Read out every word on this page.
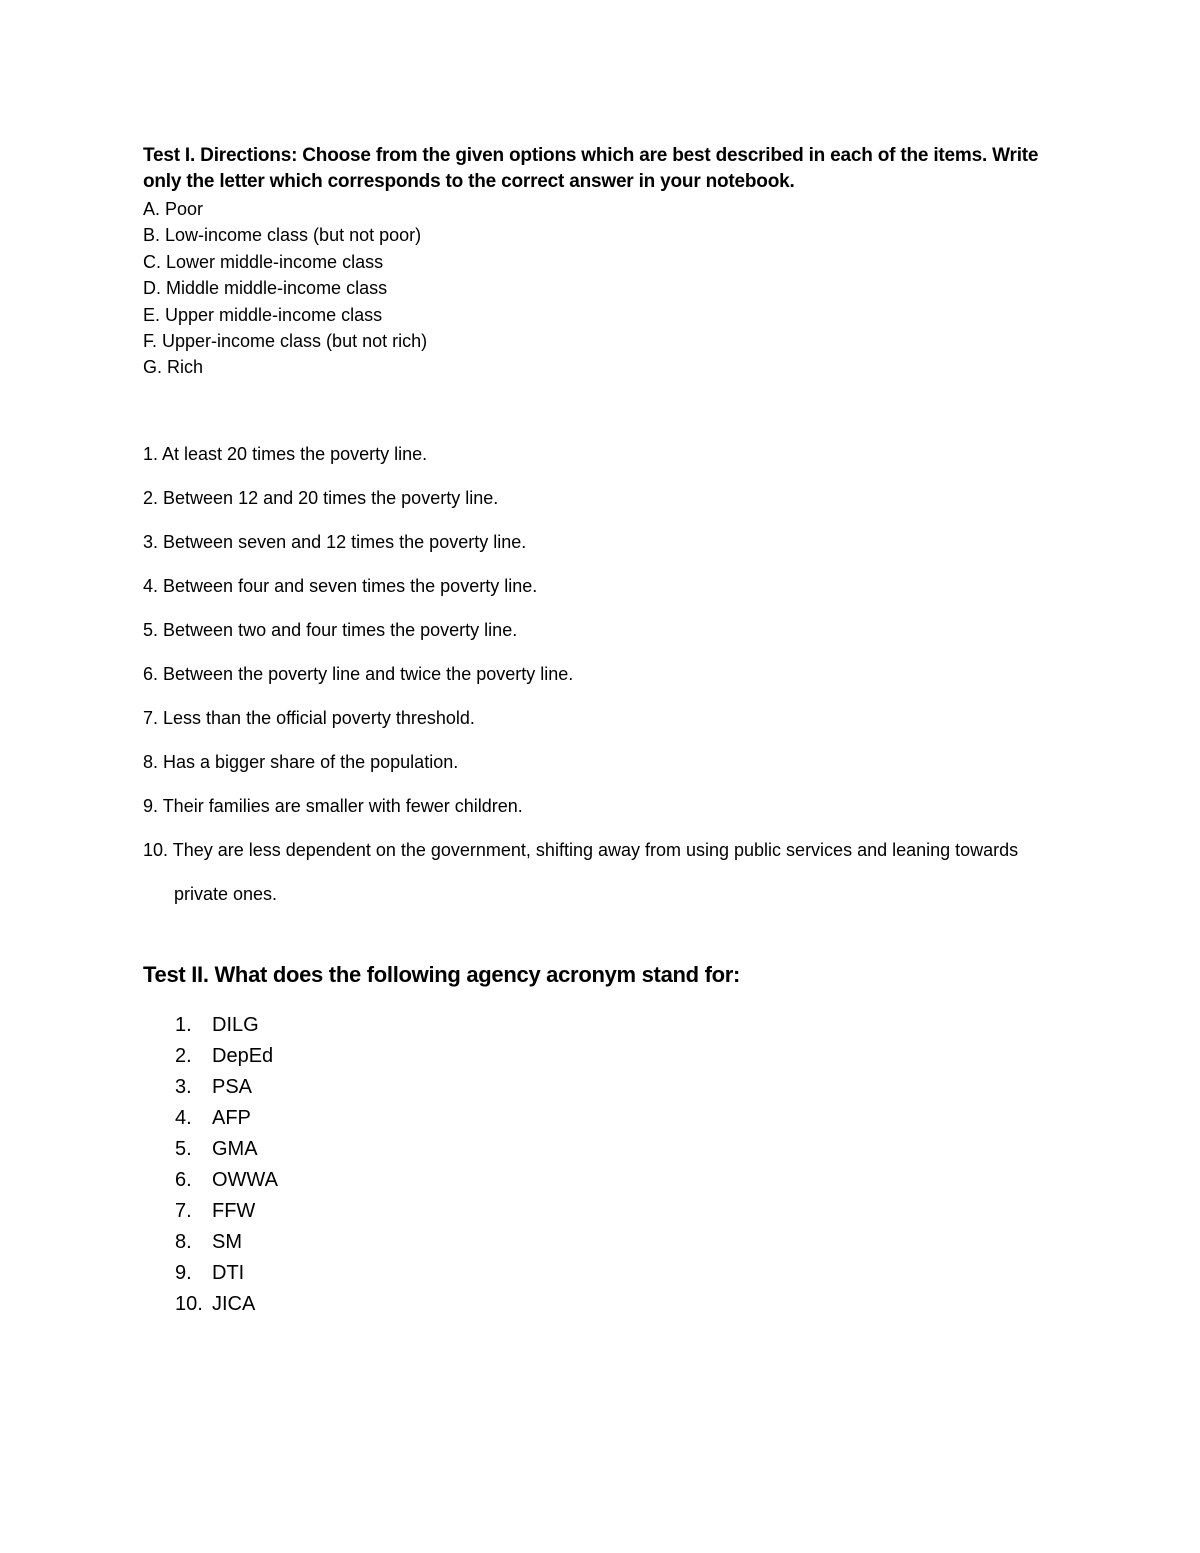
Test I. Directions: Choose from the given options which are best described in each of the items. Write only the letter which corresponds to the correct answer in your notebook.
A. Poor
B. Low-income class (but not poor)
C. Lower middle-income class
D. Middle middle-income class
E. Upper middle-income class
F. Upper-income class (but not rich)
G. Rich
1. At least 20 times the poverty line.
2. Between 12 and 20 times the poverty line.
3. Between seven and 12 times the poverty line.
4. Between four and seven times the poverty line.
5. Between two and four times the poverty line.
6. Between the poverty line and twice the poverty line.
7. Less than the official poverty threshold.
8. Has a bigger share of the population.
9. Their families are smaller with fewer children.
10. They are less dependent on the government, shifting away from using public services and leaning towards private ones.
Test II. What does the following agency acronym stand for:
1. DILG
2. DepEd
3. PSA
4. AFP
5. GMA
6. OWWA
7. FFW
8. SM
9. DTI
10. JICA
